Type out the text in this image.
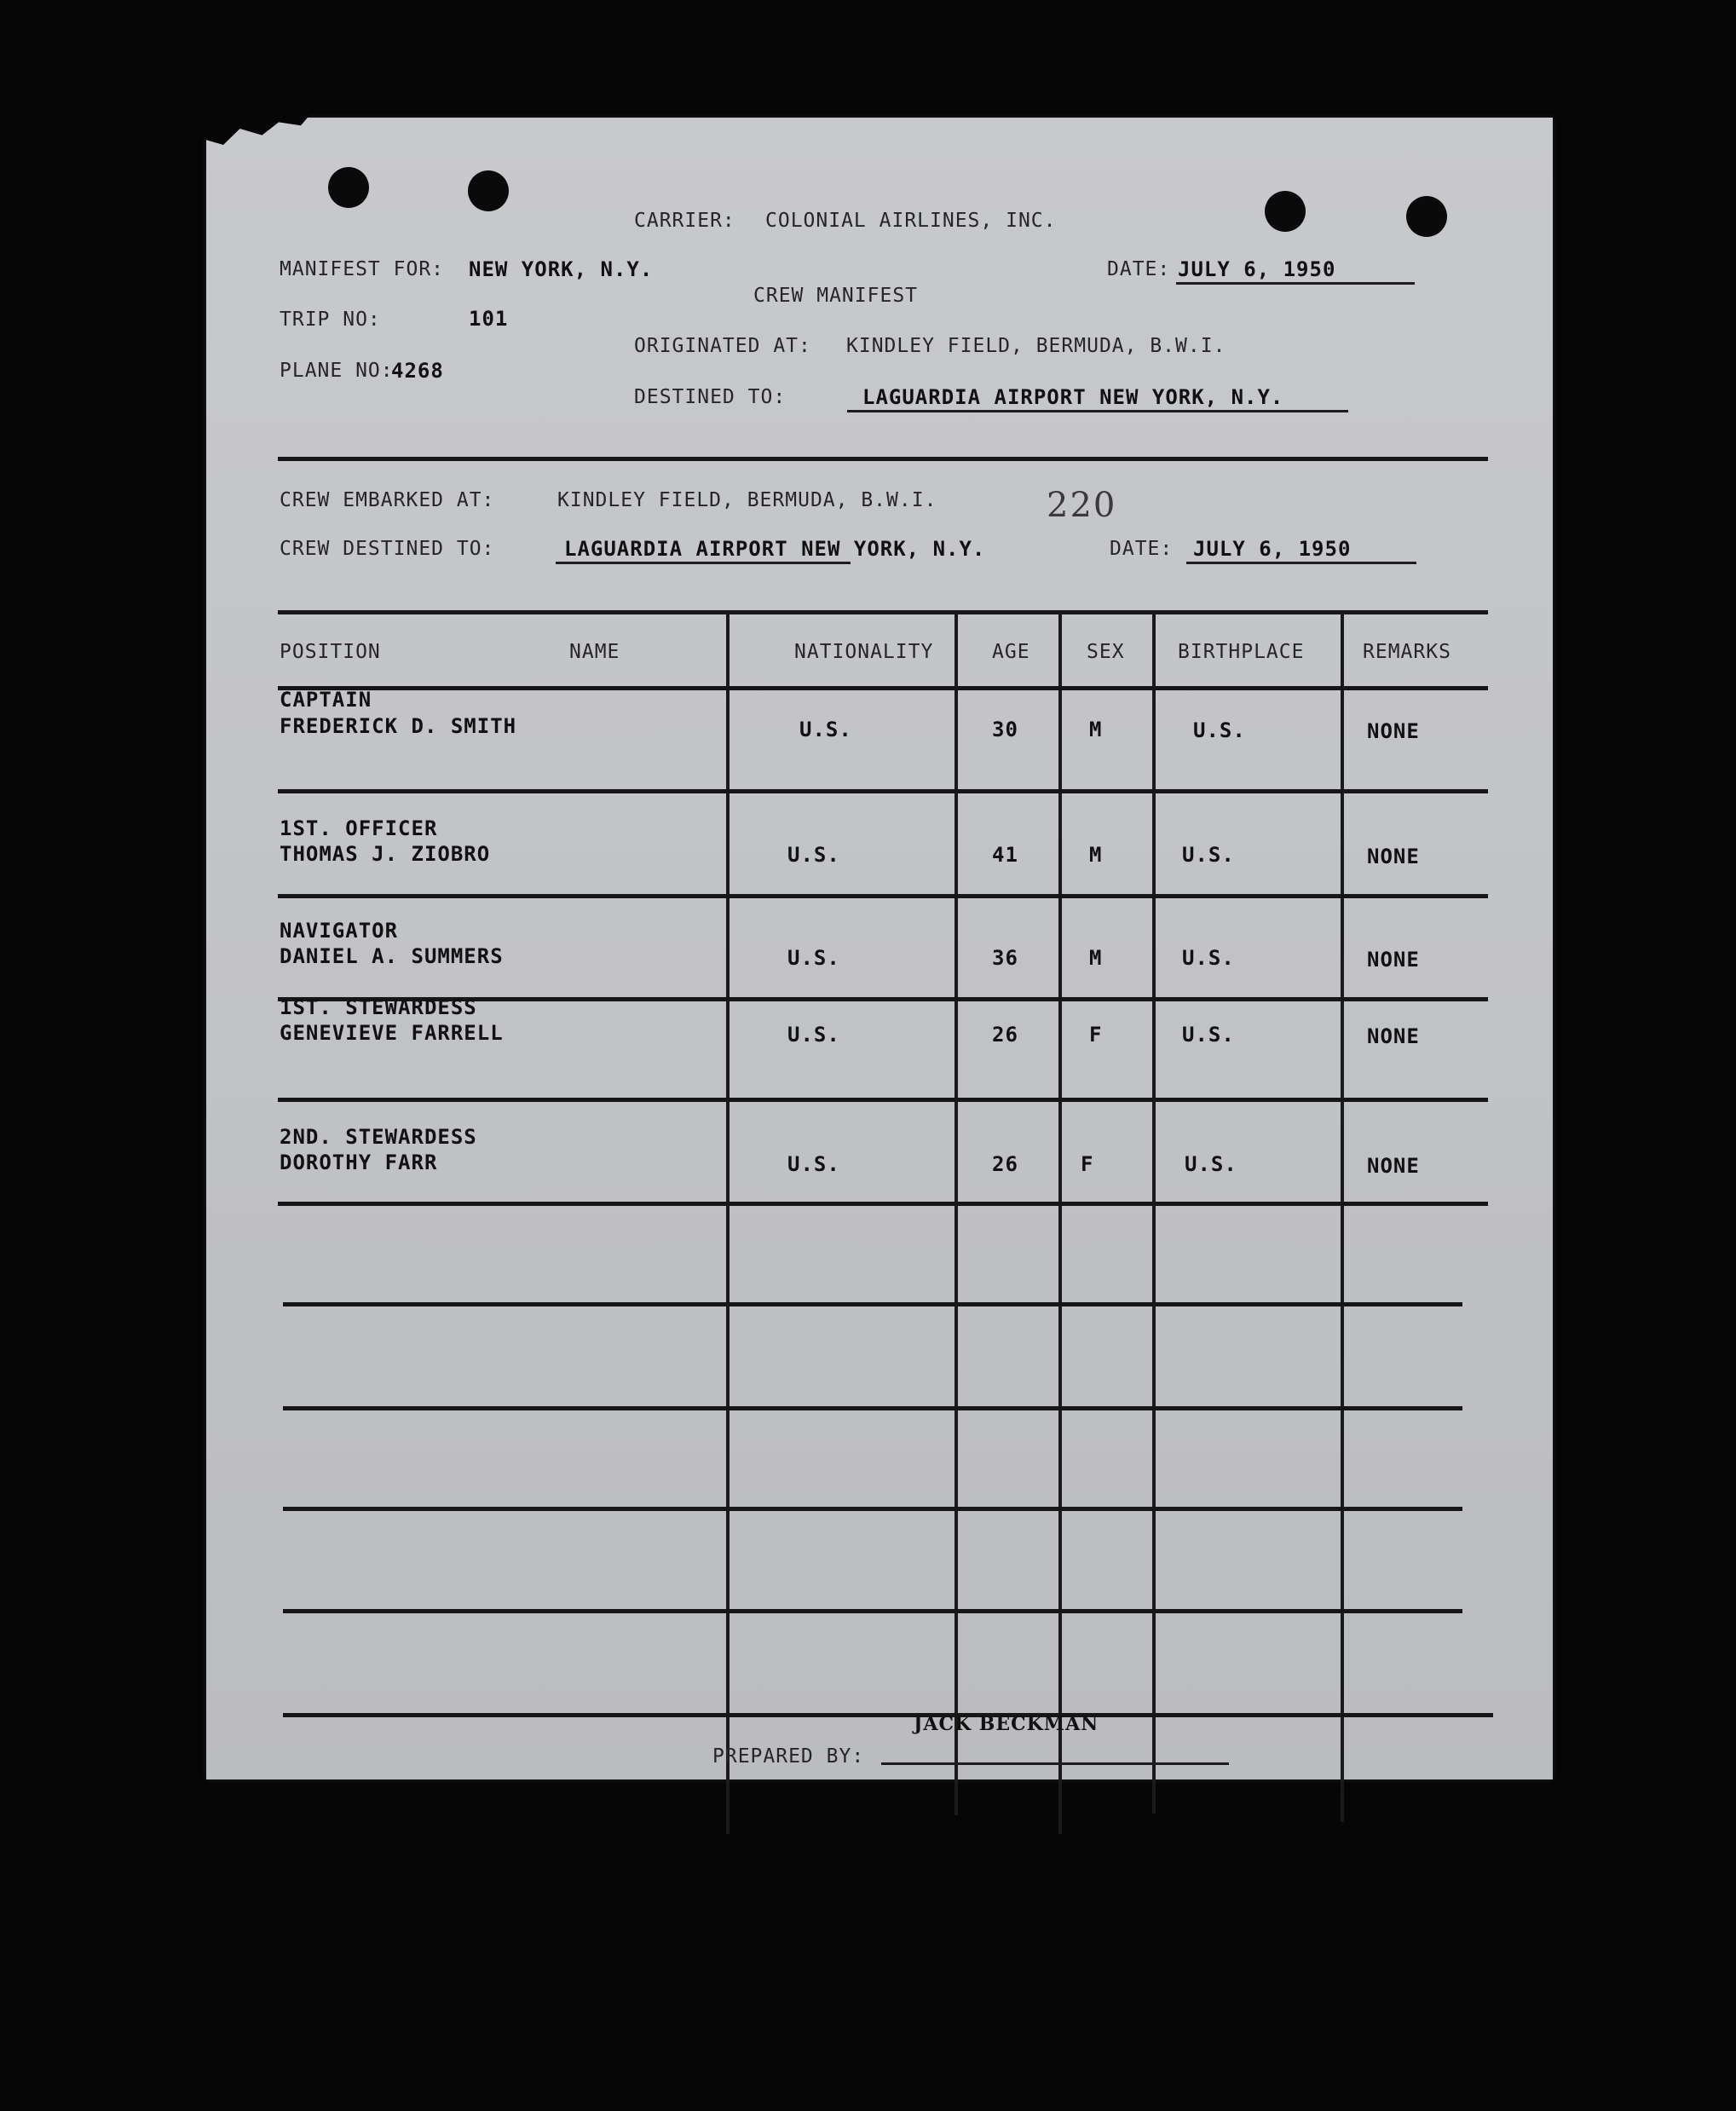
CARRIER: COLONIAL AIRLINES, INC.
MANIFEST FOR: NEW YORK, N.Y.	DATE: JULY 6, 1950
CREW MANIFEST
TRIP NO:	101
ORIGINATED AT: KINDLEY FIELD, BERMUDA, B.W.I.
PLANE NO:
4268
DESTINED TO:	LAGUARDIA AIRPORT NEW YORK, N.Y.
CREW EMBARKED AT:	KINDLEY FIELD, BERMUDA, B.W.I.	220
CREW DESTINED TO:	LAGUARDIA AIRPORT NEW YORK, N.Y.	DATE: JULY 6, 1950
POSITION	NAME	NATIONALITY	AGE	SEX	BIRTHPLACE	REMARKS
CAPTAIN
FREDERICK D. SMITH	U.S.	30	M	U.S.	NONE
1ST. OFFICER
THOMAS J. ZIOBRO	U.S.	41	M	U.S.	NONE
NAVIGATOR
DANIEL A. SUMMERS	U.S.	36	M	U.S.	NONE
1ST. STEWARDESS
GENEVIEVE FARRELL	U.S.	26	F	U.S.	NONE
2ND. STEWARDESS
DOROTHY FARR	U.S.	26	F	U.S.	NONE
JACK BECKMAN
PREPARED BY:
